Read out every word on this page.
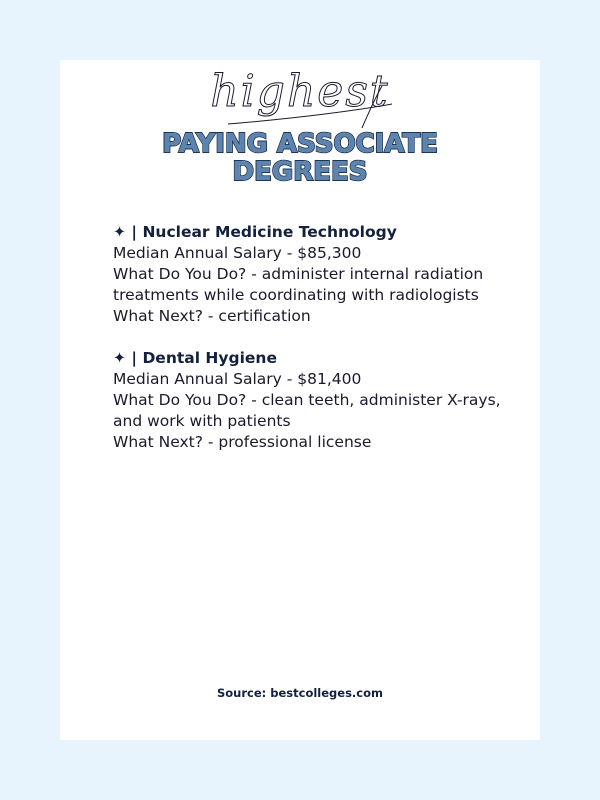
PAYING ASSOCIATE
DEGREES
✦ | Nuclear Medicine Technology
Median Annual Salary - $85,300
What Do You Do? - administer internal radiation treatments while coordinating with radiologists
What Next? - certification
✦ | Dental Hygiene
Median Annual Salary - $81,400
What Do You Do? - clean teeth, administer X-rays, and work with patients
What Next? - professional license
Source: bestcolleges.com
